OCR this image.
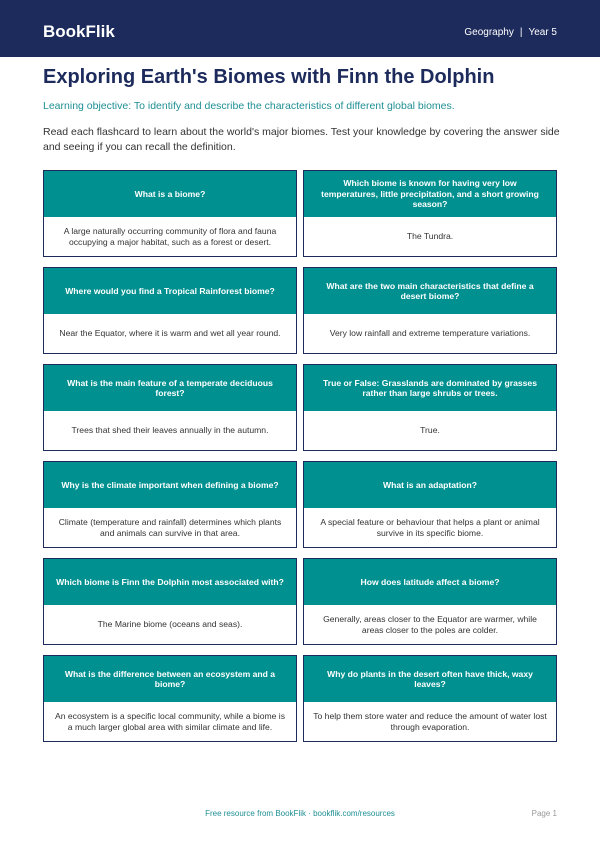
BookFlik	Geography | Year 5
Exploring Earth's Biomes with Finn the Dolphin

Learning objective: To identify and describe the characteristics of different global biomes.

Read each flashcard to learn about the world's major biomes. Test your knowledge by covering the answer side and seeing if you can recall the definition.

What is a biome?
A large naturally occurring community of flora and fauna occupying a major habitat, such as a forest or desert.
Which biome is known for having very low temperatures, little precipitation, and a short growing season?
The Tundra.
Where would you find a Tropical Rainforest biome?
Near the Equator, where it is warm and wet all year round.
What are the two main characteristics that define a desert biome?
Very low rainfall and extreme temperature variations.
What is the main feature of a temperate deciduous forest?
Trees that shed their leaves annually in the autumn.
True or False: Grasslands are dominated by grasses rather than large shrubs or trees.
True.
Why is the climate important when defining a biome?
Climate (temperature and rainfall) determines which plants and animals can survive in that area.
What is an adaptation?
A special feature or behaviour that helps a plant or animal survive in its specific biome.
Which biome is Finn the Dolphin most associated with?
The Marine biome (oceans and seas).
How does latitude affect a biome?
Generally, areas closer to the Equator are warmer, while areas closer to the poles are colder.
What is the difference between an ecosystem and a biome?
An ecosystem is a specific local community, while a biome is a much larger global area with similar climate and life.
Why do plants in the desert often have thick, waxy leaves?
To help them store water and reduce the amount of water lost through evaporation.
Free resource from BookFlik · bookflik.com/resources	Page 1
